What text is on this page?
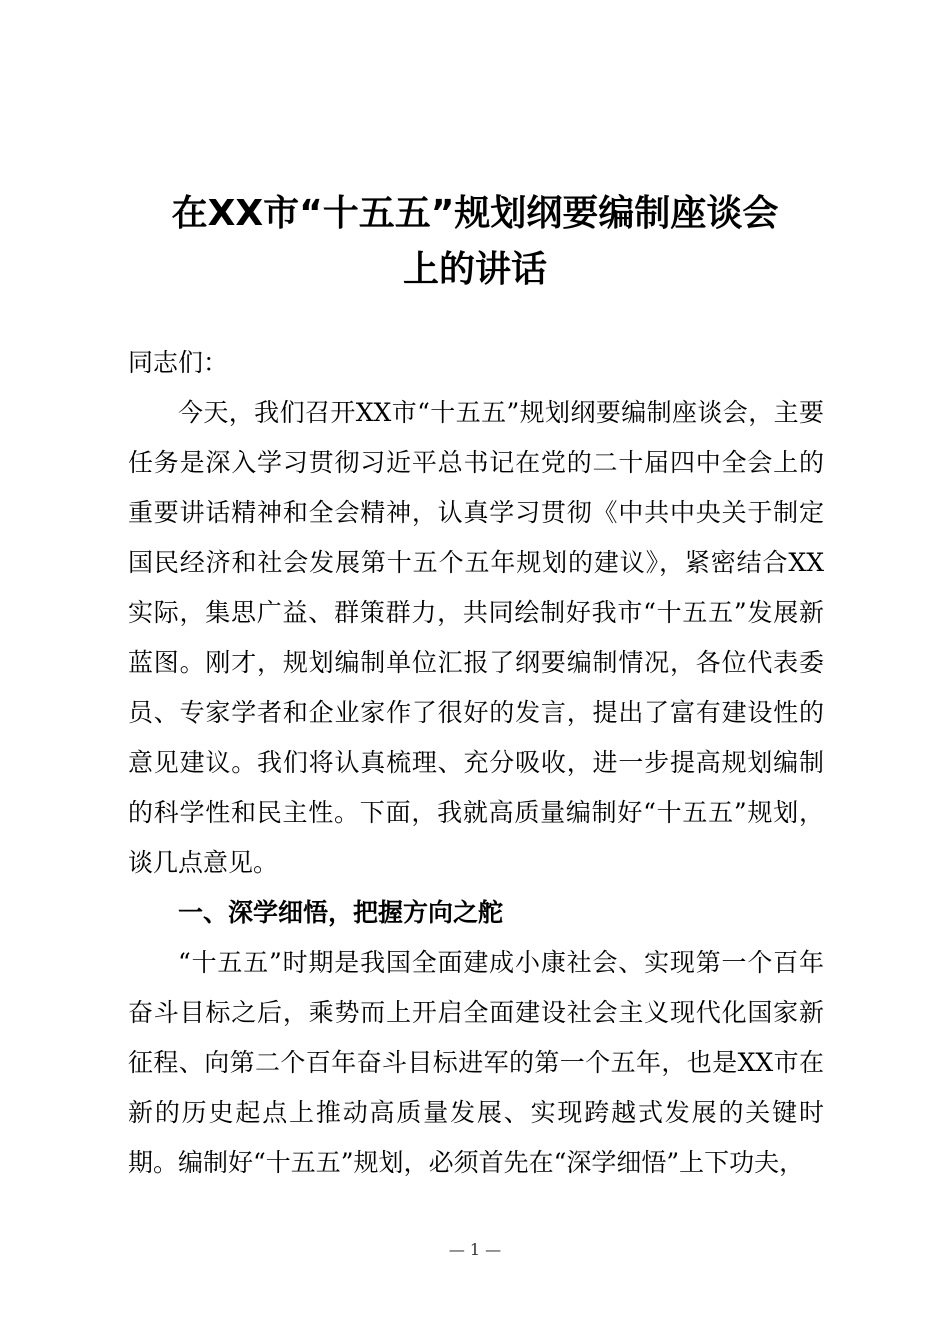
在XX市“十五五”规划纲要编制座谈会
上的讲话

同志们：

今天，我们召开XX市“十五五”规划纲要编制座谈会，主要任务是深入学习贯彻习近平总书记在党的二十届四中全会上的重要讲话精神和全会精神，认真学习贯彻《中共中央关于制定国民经济和社会发展第十五个五年规划的建议》，紧密结合XX实际，集思广益、群策群力，共同绘制好我市“十五五”发展新蓝图。刚才，规划编制单位汇报了纲要编制情况，各位代表委员、专家学者和企业家作了很好的发言，提出了富有建设性的意见建议。我们将认真梳理、充分吸收，进一步提高规划编制的科学性和民主性。下面，我就高质量编制好“十五五”规划，谈几点意见。

一、深学细悟，把握方向之舵

“十五五”时期是我国全面建成小康社会、实现第一个百年奋斗目标之后，乘势而上开启全面建设社会主义现代化国家新征程、向第二个百年奋斗目标进军的第一个五年，也是XX市在新的历史起点上推动高质量发展、实现跨越式发展的关键时期。编制好“十五五”规划，必须首先在“深学细悟”上下功夫，

— 1 —
